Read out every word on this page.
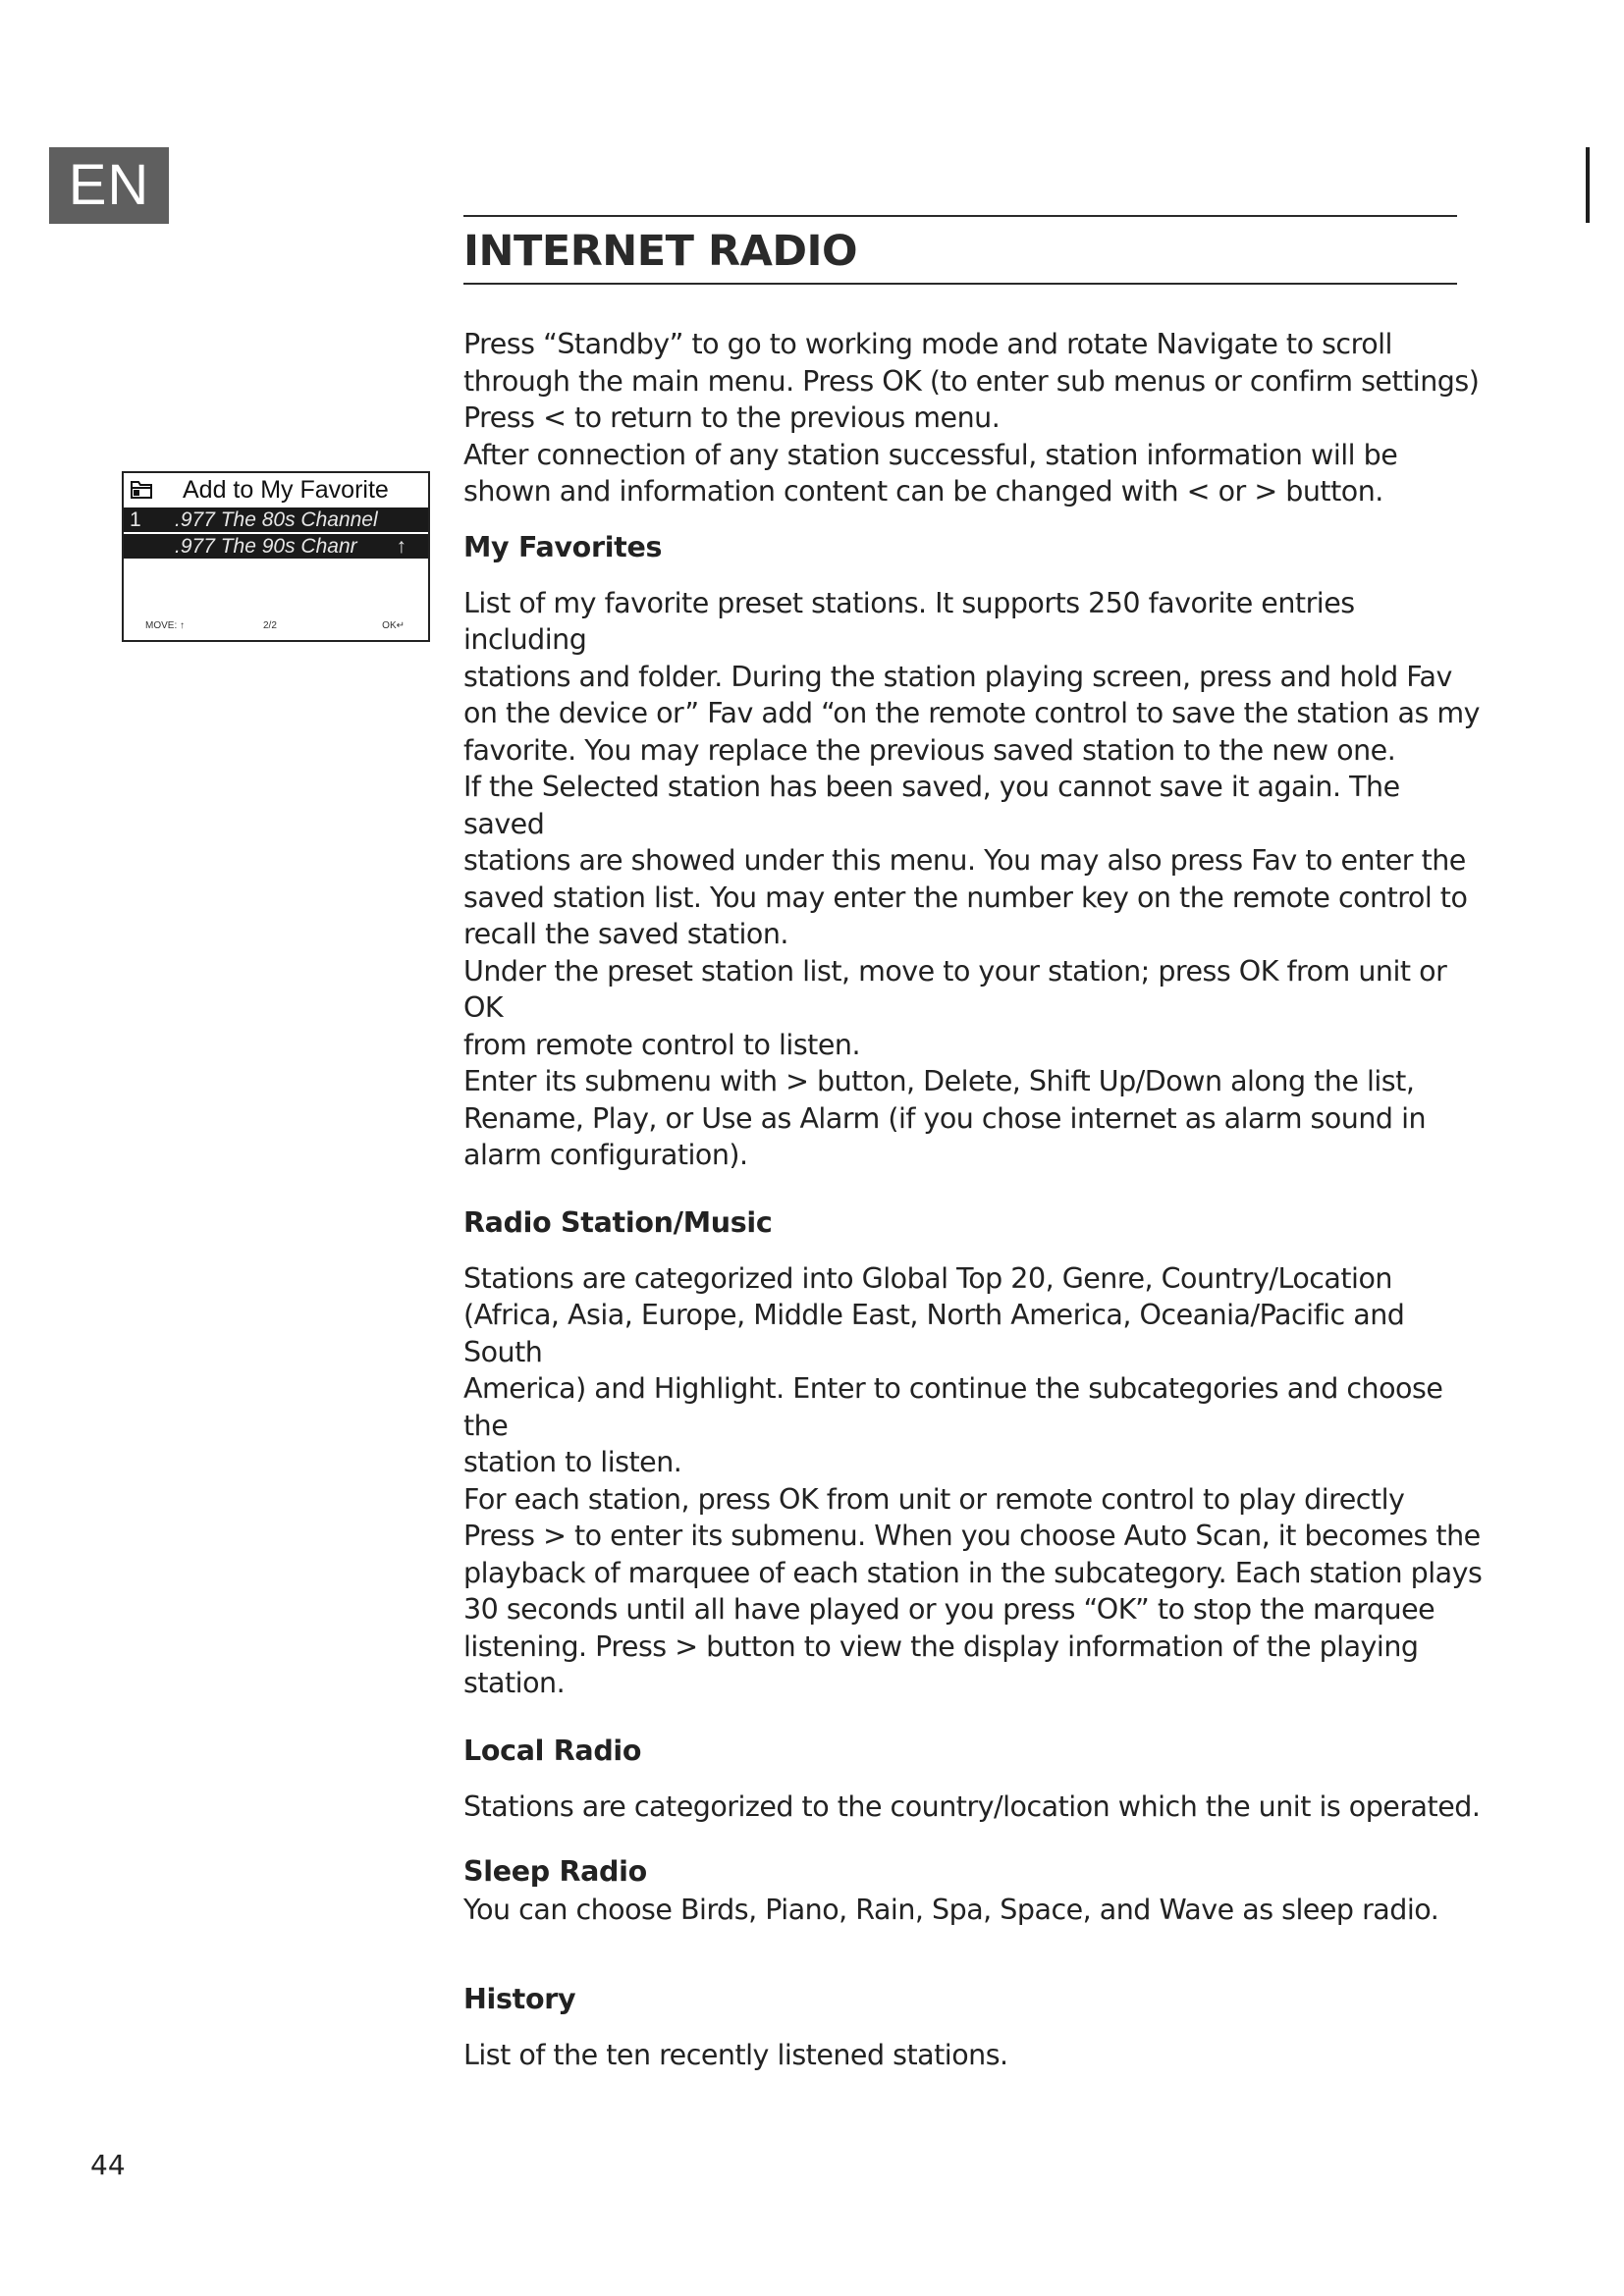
EN
INTERNET RADIO
Add to My Favorite
1 .977 The 80s Channel
.977 The 90s Chanr ↑
MOVE: ↑	2/2	OK↵

Press “Standby” to go to working mode and rotate Navigate to scroll
through the main menu. Press OK (to enter sub menus or confirm settings)
Press < to return to the previous menu.
After connection of any station successful, station information will be
shown and information content can be changed with < or > button.

My Favorites

List of my favorite preset stations. It supports 250 favorite entries including
stations and folder. During the station playing screen, press and hold Fav
on the device or” Fav add “on the remote control to save the station as my
favorite. You may replace the previous saved station to the new one.
If the Selected station has been saved, you cannot save it again. The saved
stations are showed under this menu. You may also press Fav to enter the
saved station list. You may enter the number key on the remote control to
recall the saved station.
Under the preset station list, move to your station; press OK from unit or OK
from remote control to listen.
Enter its submenu with > button, Delete, Shift Up/Down along the list,
Rename, Play, or Use as Alarm (if you chose internet as alarm sound in
alarm configuration).

Radio Station/Music

Stations are categorized into Global Top 20, Genre, Country/Location
(Africa, Asia, Europe, Middle East, North America, Oceania/Pacific and South
America) and Highlight. Enter to continue the subcategories and choose the
station to listen.
For each station, press OK from unit or remote control to play directly
Press > to enter its submenu. When you choose Auto Scan, it becomes the
playback of marquee of each station in the subcategory. Each station plays
30 seconds until all have played or you press “OK” to stop the marquee
listening. Press > button to view the display information of the playing
station.

Local Radio

Stations are categorized to the country/location which the unit is operated.

Sleep Radio

You can choose Birds, Piano, Rain, Spa, Space, and Wave as sleep radio.

History

List of the ten recently listened stations.

44
